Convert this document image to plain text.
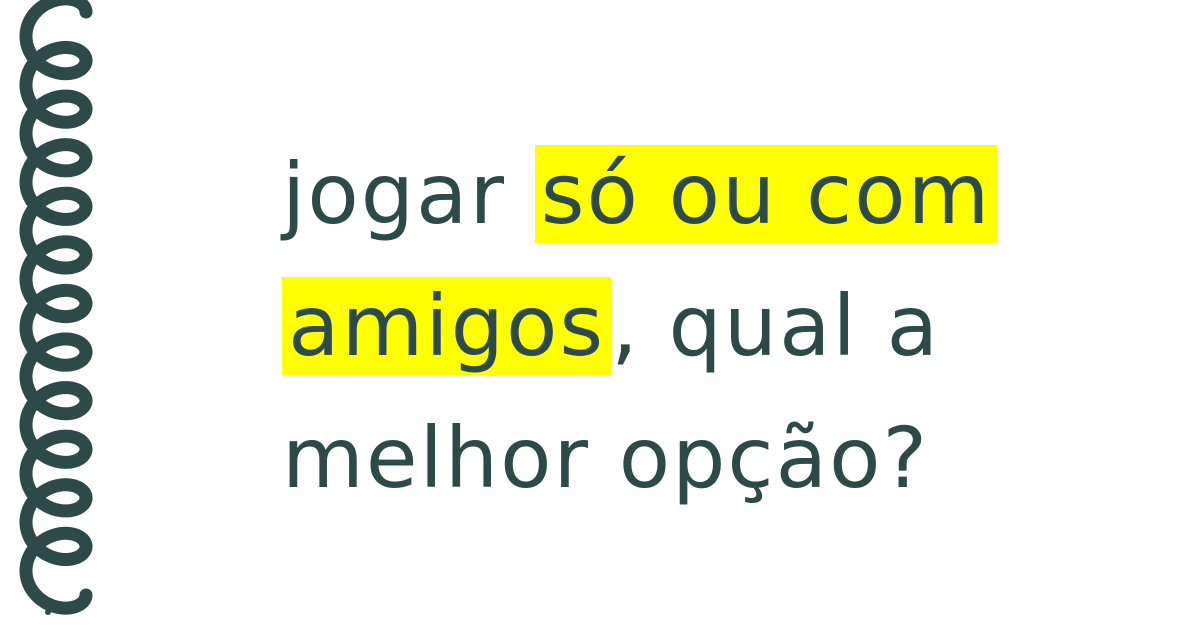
jogar só ou com
amigos, qual a
melhor opção?
